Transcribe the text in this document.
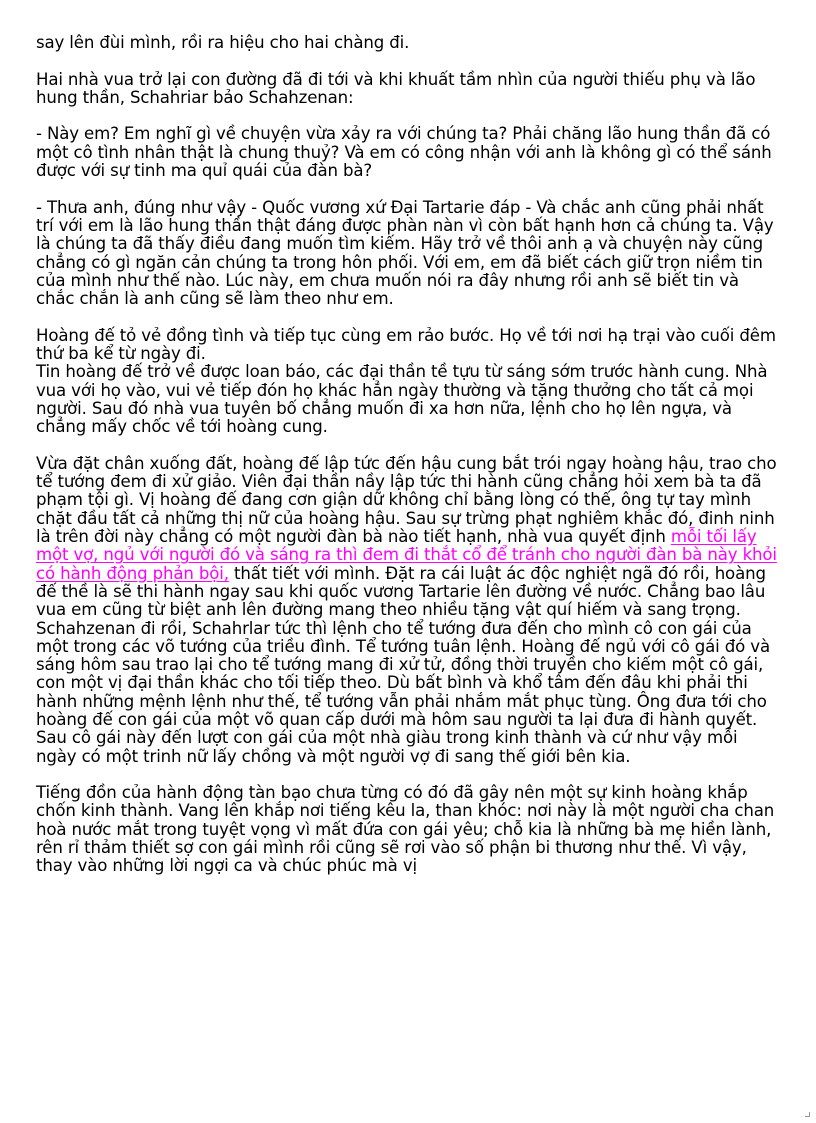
say lên đùi mình, rồi ra hiệu cho hai chàng đi.

Hai nhà vua trở lại con đường đã đi tới và khi khuất tầm nhìn của người thiếu phụ và lão hung thần, Schahriar bảo Schahzenan:

- Này em? Em nghĩ gì về chuyện vừa xảy ra với chúng ta? Phải chăng lão hung thần đã có một cô tình nhân thật là chung thuỷ? Và em có công nhận với anh là không gì có thể sánh được với sự tinh ma quỉ quái của đàn bà?

- Thưa anh, đúng như vậy - Quốc vương xứ Đại Tartarie đáp - Và chắc anh cũng phải nhất trí với em là lão hung thần thật đáng được phàn nàn vì còn bất hạnh hơn cả chúng ta. Vậy là chúng ta đã thấy điều đang muốn tìm kiếm. Hãy trở về thôi anh ạ và chuyện này cũng chẳng có gì ngăn cản chúng ta trong hôn phối. Với em, em đã biết cách giữ trọn niềm tin của mình như thế nào. Lúc này, em chưa muốn nói ra đây nhưng rồi anh sẽ biết tin và chắc chắn là anh cũng sẽ làm theo như em.

Hoàng đế tỏ vẻ đồng tình và tiếp tục cùng em rảo bước. Họ về tới nơi hạ trại vào cuối đêm thứ ba kể từ ngày đi.

Tin hoàng đế trở về được loan báo, các đại thần tề tựu từ sáng sớm trước hành cung. Nhà vua với họ vào, vui vẻ tiếp đón họ khác hẳn ngày thường và tặng thưởng cho tất cả mọi người. Sau đó nhà vua tuyên bố chẳng muốn đi xa hơn nữa, lệnh cho họ lên ngựa, và chẳng mấy chốc về tới hoàng cung.

Vừa đặt chân xuống đất, hoàng đế lập tức đến hậu cung bắt trói ngay hoàng hậu, trao cho tể tướng đem đi xử giảo. Viên đại thần nầy lập tức thi hành cũng chẳng hỏi xem bà ta đã phạm tội gì. Vị hoàng đế đang cơn giận dữ không chỉ bằng lòng có thế, ông tự tay mình chặt đầu tất cả những thị nữ của hoàng hậu. Sau sự trừng phạt nghiêm khắc đó, đinh ninh là trên đời này chẳng có một người đàn bà nào tiết hạnh, nhà vua quyết định mỗi tối lấy một vợ, ngủ với người đó và sáng ra thì đem đi thắt cổ để tránh cho người đàn bà này khỏi có hành động phản bội, thất tiết với mình. Đặt ra cái luật ác độc nghiệt ngã đó rồi, hoàng đế thề là sẽ thi hành ngay sau khi quốc vương Tartarie lên đường về nước. Chẳng bao lâu vua em cũng từ biệt anh lên đường mang theo nhiều tặng vật quí hiếm và sang trọng. Schahzenan đi rồi, Schahrlar tức thì lệnh cho tể tướng đưa đến cho mình cô con gái của một trong các võ tướng của triều đình. Tể tướng tuân lệnh. Hoàng đế ngủ với cô gái đó và sáng hôm sau trao lại cho tể tướng mang đi xử tử, đồng thời truyền cho kiếm một cô gái, con một vị đại thần khác cho tối tiếp theo. Dù bất bình và khổ tâm đến đâu khi phải thi hành những mệnh lệnh như thế, tể tướng vẫn phải nhắm mắt phục tùng. Ông đưa tới cho hoàng đế con gái của một võ quan cấp dưới mà hôm sau người ta lại đưa đi hành quyết. Sau cô gái này đến lượt con gái của một nhà giàu trong kinh thành và cứ như vậy mỗi ngày có một trinh nữ lấy chồng và một người vợ đi sang thế giới bên kia.

Tiếng đồn của hành động tàn bạo chưa từng có đó đã gây nên một sự kinh hoàng khắp chốn kinh thành. Vang lên khắp nơi tiếng kêu la, than khóc: nơi này là một người cha chan hoà nước mắt trong tuyệt vọng vì mất đứa con gái yêu; chỗ kia là những bà mẹ hiền lành, rên rỉ thảm thiết sợ con gái mình rồi cũng sẽ rơi vào số phận bi thương như thế. Vì vậy, thay vào những lời ngợi ca và chúc phúc mà vị
